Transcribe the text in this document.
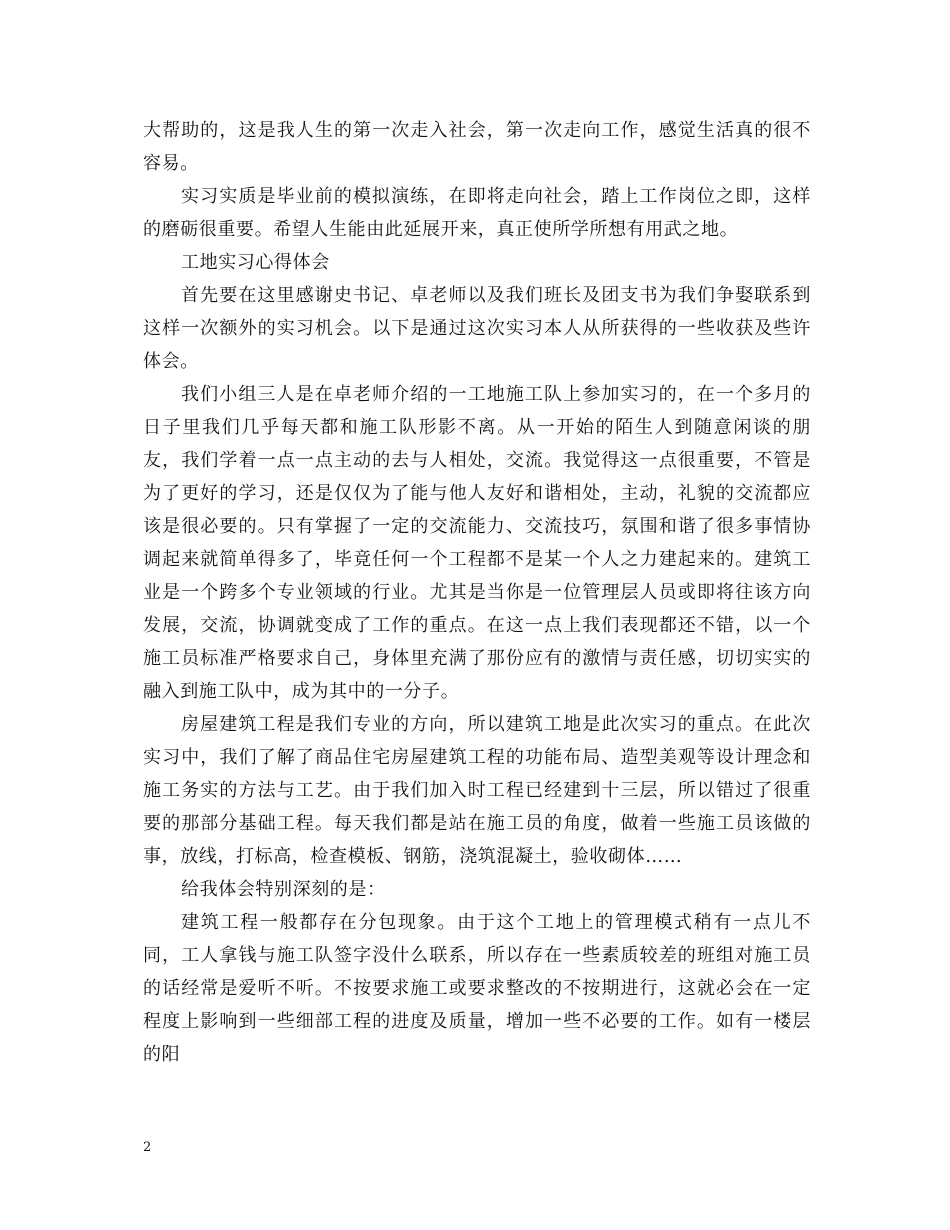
大帮助的，这是我人生的第一次走入社会，第一次走向工作，感觉生活真的很不容易。

实习实质是毕业前的模拟演练，在即将走向社会，踏上工作岗位之即，这样的磨砺很重要。希望人生能由此延展开来，真正使所学所想有用武之地。

工地实习心得体会

首先要在这里感谢史书记、卓老师以及我们班长及团支书为我们争娶联系到这样一次额外的实习机会。以下是通过这次实习本人从所获得的一些收获及些许体会。

我们小组三人是在卓老师介绍的一工地施工队上参加实习的，在一个多月的日子里我们几乎每天都和施工队形影不离。从一开始的陌生人到随意闲谈的朋友，我们学着一点一点主动的去与人相处，交流。我觉得这一点很重要，不管是为了更好的学习，还是仅仅为了能与他人友好和谐相处，主动，礼貌的交流都应该是很必要的。只有掌握了一定的交流能力、交流技巧，氛围和谐了很多事情协调起来就简单得多了，毕竟任何一个工程都不是某一个人之力建起来的。建筑工业是一个跨多个专业领域的行业。尤其是当你是一位管理层人员或即将往该方向发展，交流，协调就变成了工作的重点。在这一点上我们表现都还不错，以一个施工员标准严格要求自己，身体里充满了那份应有的激情与责任感，切切实实的融入到施工队中，成为其中的一分子。

房屋建筑工程是我们专业的方向，所以建筑工地是此次实习的重点。在此次实习中，我们了解了商品住宅房屋建筑工程的功能布局、造型美观等设计理念和施工务实的方法与工艺。由于我们加入时工程已经建到十三层，所以错过了很重要的那部分基础工程。每天我们都是站在施工员的角度，做着一些施工员该做的事，放线，打标高，检查模板、钢筋，浇筑混凝土，验收砌体……

给我体会特别深刻的是：

建筑工程一般都存在分包现象。由于这个工地上的管理模式稍有一点儿不同，工人拿钱与施工队签字没什么联系，所以存在一些素质较差的班组对施工员的话经常是爱听不听。不按要求施工或要求整改的不按期进行，这就必会在一定程度上影响到一些细部工程的进度及质量，增加一些不必要的工作。如有一楼层的阳

2
